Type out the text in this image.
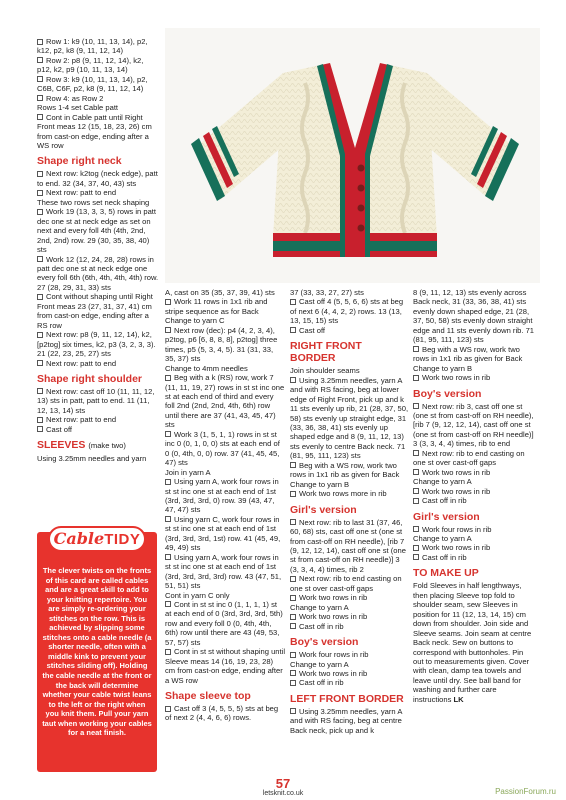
Row 1: k9 (10, 11, 13, 14), p2, k12, p2, k8 (9, 11, 12, 14)

Row 2: p8 (9, 11, 12, 14), k2, p12, k2, p9 (10, 11, 13, 14)

Row 3: k9 (10, 11, 13, 14), p2, C6B, C6F, p2, k8 (9, 11, 12, 14)

Row 4: as Row 2

Rows 1-4 set Cable patt

Cont in Cable patt until Right Front meas 12 (15, 18, 23, 26) cm from cast-on edge, ending after a WS row

Shape right neck

Next row: k2tog (neck edge), patt to end. 32 (34, 37, 40, 43) sts

Next row: patt to end

These two rows set neck shaping

Work 19 (13, 3, 3, 5) rows in patt dec one st at neck edge as set on next and every foll 4th (4th, 2nd, 2nd, 2nd) row. 29 (30, 35, 38, 40) sts

Work 12 (12, 24, 28, 28) rows in patt dec one st at neck edge one every foll 6th (6th, 4th, 4th, 4th) row. 27 (28, 29, 31, 33) sts

Cont without shaping until Right Front meas 23 (27, 31, 37, 41) cm from cast-on edge, ending after a RS row

Next row: p8 (9, 11, 12, 14), k2, [p2tog] six times, k2, p3 (3, 2, 3, 3). 21 (22, 23, 25, 27) sts

Next row: patt to end

Shape right shoulder

Next row: cast off 10 (11, 11, 12, 13) sts in patt, patt to end. 11 (11, 12, 13, 14) sts

Next row: patt to end

Cast off

SLEEVES (make two)

Using 3.25mm needles and yarn

CableTIDY
The clever twists on the fronts of this card are called cables and are a great skill to add to your knitting repertoire. You are simply re-ordering your stitches on the row. This is achieved by slipping some stitches onto a cable needle (a shorter needle, often with a middle kink to prevent your stitches sliding off). Holding the cable needle at the front or the back will determine whether your cable twist leans to the left or the right when you knit them. Pull your yarn taut when working your cables for a neat finish.

A, cast on 35 (35, 37, 39, 41) sts

Work 11 rows in 1x1 rib and stripe sequence as for Back

Change to yarn C

Next row (dec): p4 (4, 2, 3, 4), p2tog, p6 [6, 8, 8, 8], p2tog] three times, p5 (5, 3, 4, 5). 31 (31, 33, 35, 37) sts

Change to 4mm needles

Beg with a k (RS) row, work 7 (11, 11, 19, 27) rows in st st inc one st at each end of third and every foll 2nd (2nd, 2nd, 4th, 6th) row until there are 37 (41, 43, 45, 47) sts

Work 3 (1, 5, 1, 1) rows in st st inc 0 (0, 1, 0, 0) sts at each end of 0 (0, 4th, 0, 0) row. 37 (41, 45, 45, 47) sts

Join in yarn A

Using yarn A, work four rows in st st inc one st at each end of 1st (3rd, 3rd, 3rd, 0) row. 39 (43, 47, 47, 47) sts

Using yarn C, work four rows in st st inc one st at each end of 1st (3rd, 3rd, 3rd, 1st) row. 41 (45, 49, 49, 49) sts

Using yarn A, work four rows in st st inc one st at each end of 1st (3rd, 3rd, 3rd, 3rd) row. 43 (47, 51, 51, 51) sts

Cont in yarn C only

Cont in st st inc 0 (1, 1, 1, 1) st at each end of 0 (3rd, 3rd, 3rd, 5th) row and every foll 0 (0, 4th, 4th, 6th) row until there are 43 (49, 53, 57, 57) sts

Cont in st st without shaping until Sleeve meas 14 (16, 19, 23, 28) cm from cast-on edge, ending after a WS row

Shape sleeve top

Cast off 3 (4, 5, 5, 5) sts at beg of next 2 (4, 4, 6, 6) rows.

37 (33, 33, 27, 27) sts

Cast off 4 (5, 5, 6, 6) sts at beg of next 6 (4, 4, 2, 2) rows. 13 (13, 13, 15, 15) sts

Cast off

RIGHT FRONT BORDER

Join shoulder seams

Using 3.25mm needles, yarn A and with RS facing, beg at lower edge of Right Front, pick up and k 11 sts evenly up rib, 21 (28, 37, 50, 58) sts evenly up straight edge, 31 (33, 36, 38, 41) sts evenly up shaped edge and 8 (9, 11, 12, 13) sts evenly to centre Back neck. 71 (81, 95, 111, 123) sts

Beg with a WS row, work two rows in 1x1 rib as given for Back

Change to yarn B

Work two rows more in rib

Girl's version

Next row: rib to last 31 (37, 46, 60, 68) sts, cast off one st (one st from cast-off on RH needle), [rib 7 (9, 12, 12, 14), cast off one st (one st from cast-off on RH needle)] 3 (3, 3, 4, 4) times, rib 2

Next row: rib to end casting on one st over cast-off gaps

Work two rows in rib

Change to yarn A

Work two rows in rib

Cast off in rib

Boy's version

Work four rows in rib

Change to yarn A

Work two rows in rib

Cast off in rib

LEFT FRONT BORDER

Using 3.25mm needles, yarn A and with RS facing, beg at centre Back neck, pick up and k

8 (9, 11, 12, 13) sts evenly across Back neck, 31 (33, 36, 38, 41) sts evenly down shaped edge, 21 (28, 37, 50, 58) sts evenly down straight edge and 11 sts evenly down rib. 71 (81, 95, 111, 123) sts

Beg with a WS row, work two rows in 1x1 rib as given for Back

Change to yarn B

Work two rows in rib

Boy's version

Next row: rib 3, cast off one st (one st from cast-off on RH needle), [rib 7 (9, 12, 12, 14), cast off one st (one st from cast-off on RH needle)] 3 (3, 3, 4, 4) times, rib to end

Next row: rib to end casting on one st over cast-off gaps

Work two rows in rib

Change to yarn A

Work two rows in rib

Cast off in rib

Girl's version

Work four rows in rib

Change to yarn A

Work two rows in rib

Cast off in rib

TO MAKE UP

Fold Sleeves in half lengthways, then placing Sleeve top fold to shoulder seam, sew Sleeves in position for 11 (12, 13, 14, 15) cm down from shoulder. Join side and Sleeve seams. Join seam at centre Back neck. Sew on buttons to correspond with buttonholes. Pin out to measurements given. Cover with clean, damp tea towels and leave until dry. See ball band for washing and further care instructions LK

57
letsknit.co.uk	PassionForum.ru
